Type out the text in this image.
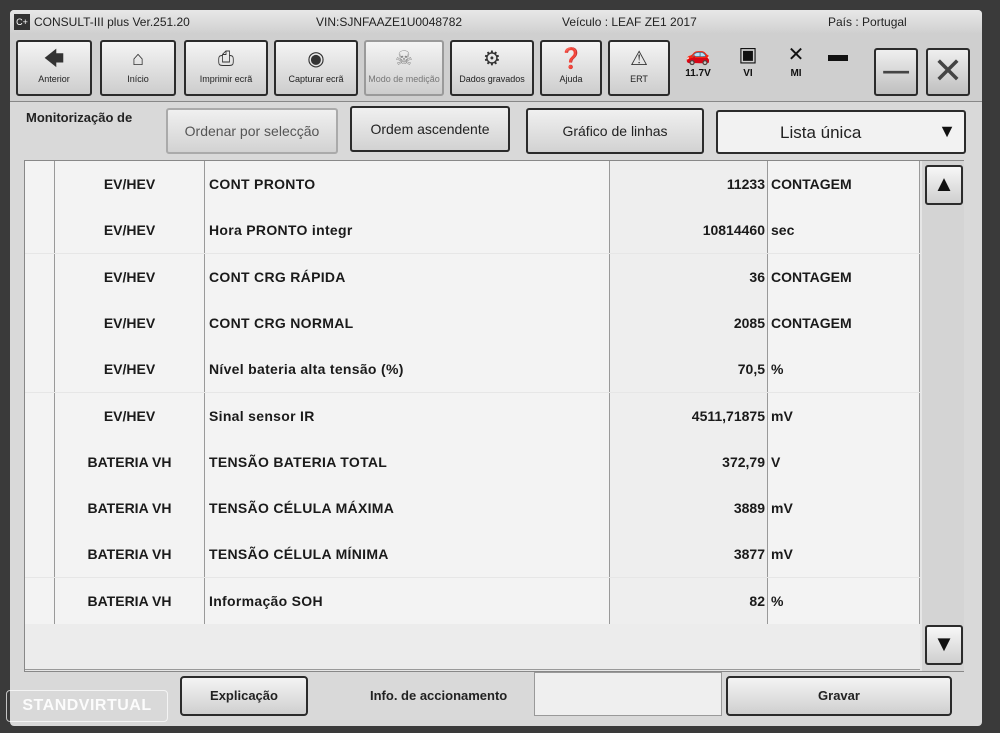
C+ CONSULT-III plus Ver.251.20	VIN:SJNFAAZE1U0048782	Veículo : LEAF ZE1 2017	País : Portugal
🡄
Anterior
⌂
Início
⎙
Imprimir ecrã
◉
Capturar ecrã
☠
Modo de medição
⚙
Dados gravados
❓
Ajuda
⚠
ERT
🚗
11.7V
▣
VI
✕
MI
▬ ─ ✕
Monitorização de
Ordenar por selecção	Ordem ascendente	Gráfico de linhas	Lista única	▼
EV/HEV	CONT PRONTO	11233 CONTAGEM
EV/HEV	Hora PRONTO integr	10814460 sec
EV/HEV	CONT CRG RÁPIDA	36 CONTAGEM
EV/HEV	CONT CRG NORMAL	2085 CONTAGEM
EV/HEV	Nível bateria alta tensão (%)	70,5 %
EV/HEV	Sinal sensor IR	4511,71875 mV
BATERIA VH	TENSÃO BATERIA TOTAL	372,79 V
BATERIA VH	TENSÃO CÉLULA MÁXIMA	3889 mV
BATERIA VH	TENSÃO CÉLULA MÍNIMA	3877 mV
BATERIA VH	Informação SOH	82 %
▲
▼
Explicação	Info. de accionamento	Gravar
STANDVIRTUAL
